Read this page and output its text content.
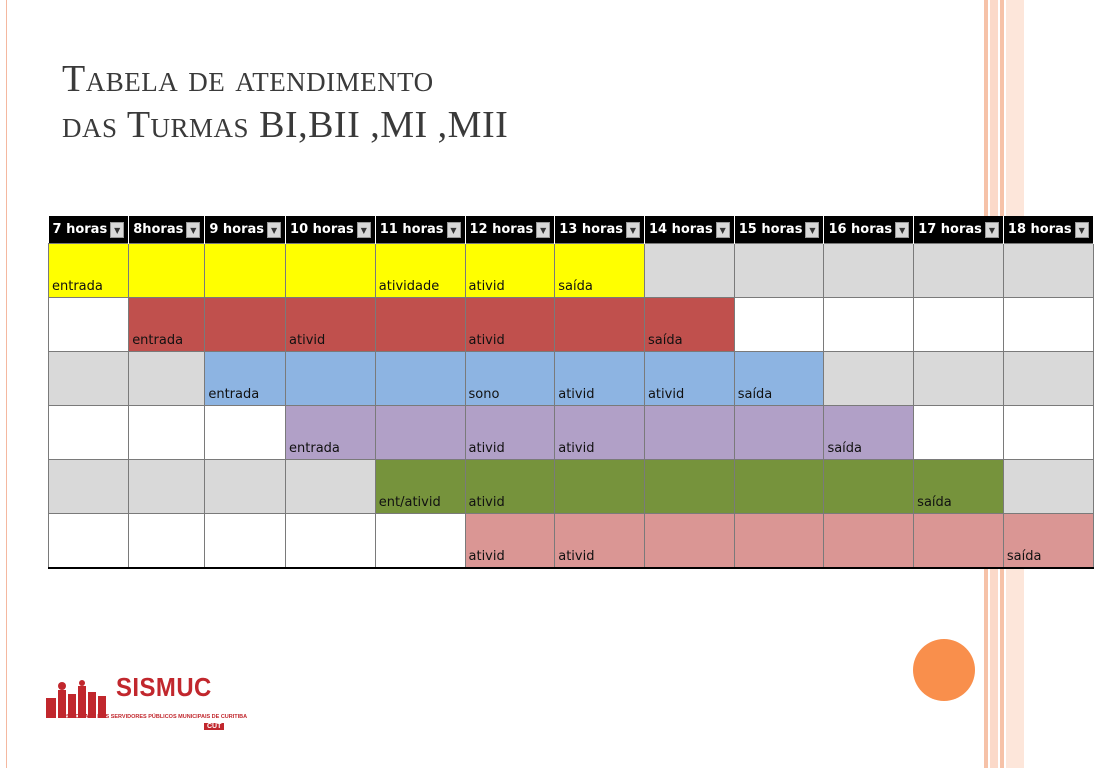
Tabela de atendimento
das Turmas BI,BII ,MI ,MII
7 horas ▼	8horas ▼	9 horas ▼	10 horas ▼	11 horas ▼	12 horas ▼	13 horas ▼	14 horas ▼	15 horas ▼	16 horas ▼	17 horas ▼	18 horas ▼
entrada				atividade	ativid	saída					
	entrada		ativid		ativid		saída				
		entrada			sono	ativid	ativid	saída			
			entrada		ativid	ativid			saída		
				ent/ativid	ativid					saída	
					ativid	ativid					saída
SISMUC
SINDICATO DOS SERVIDORES PÚBLICOS MUNICIPAIS DE CURITIBA
CUT
